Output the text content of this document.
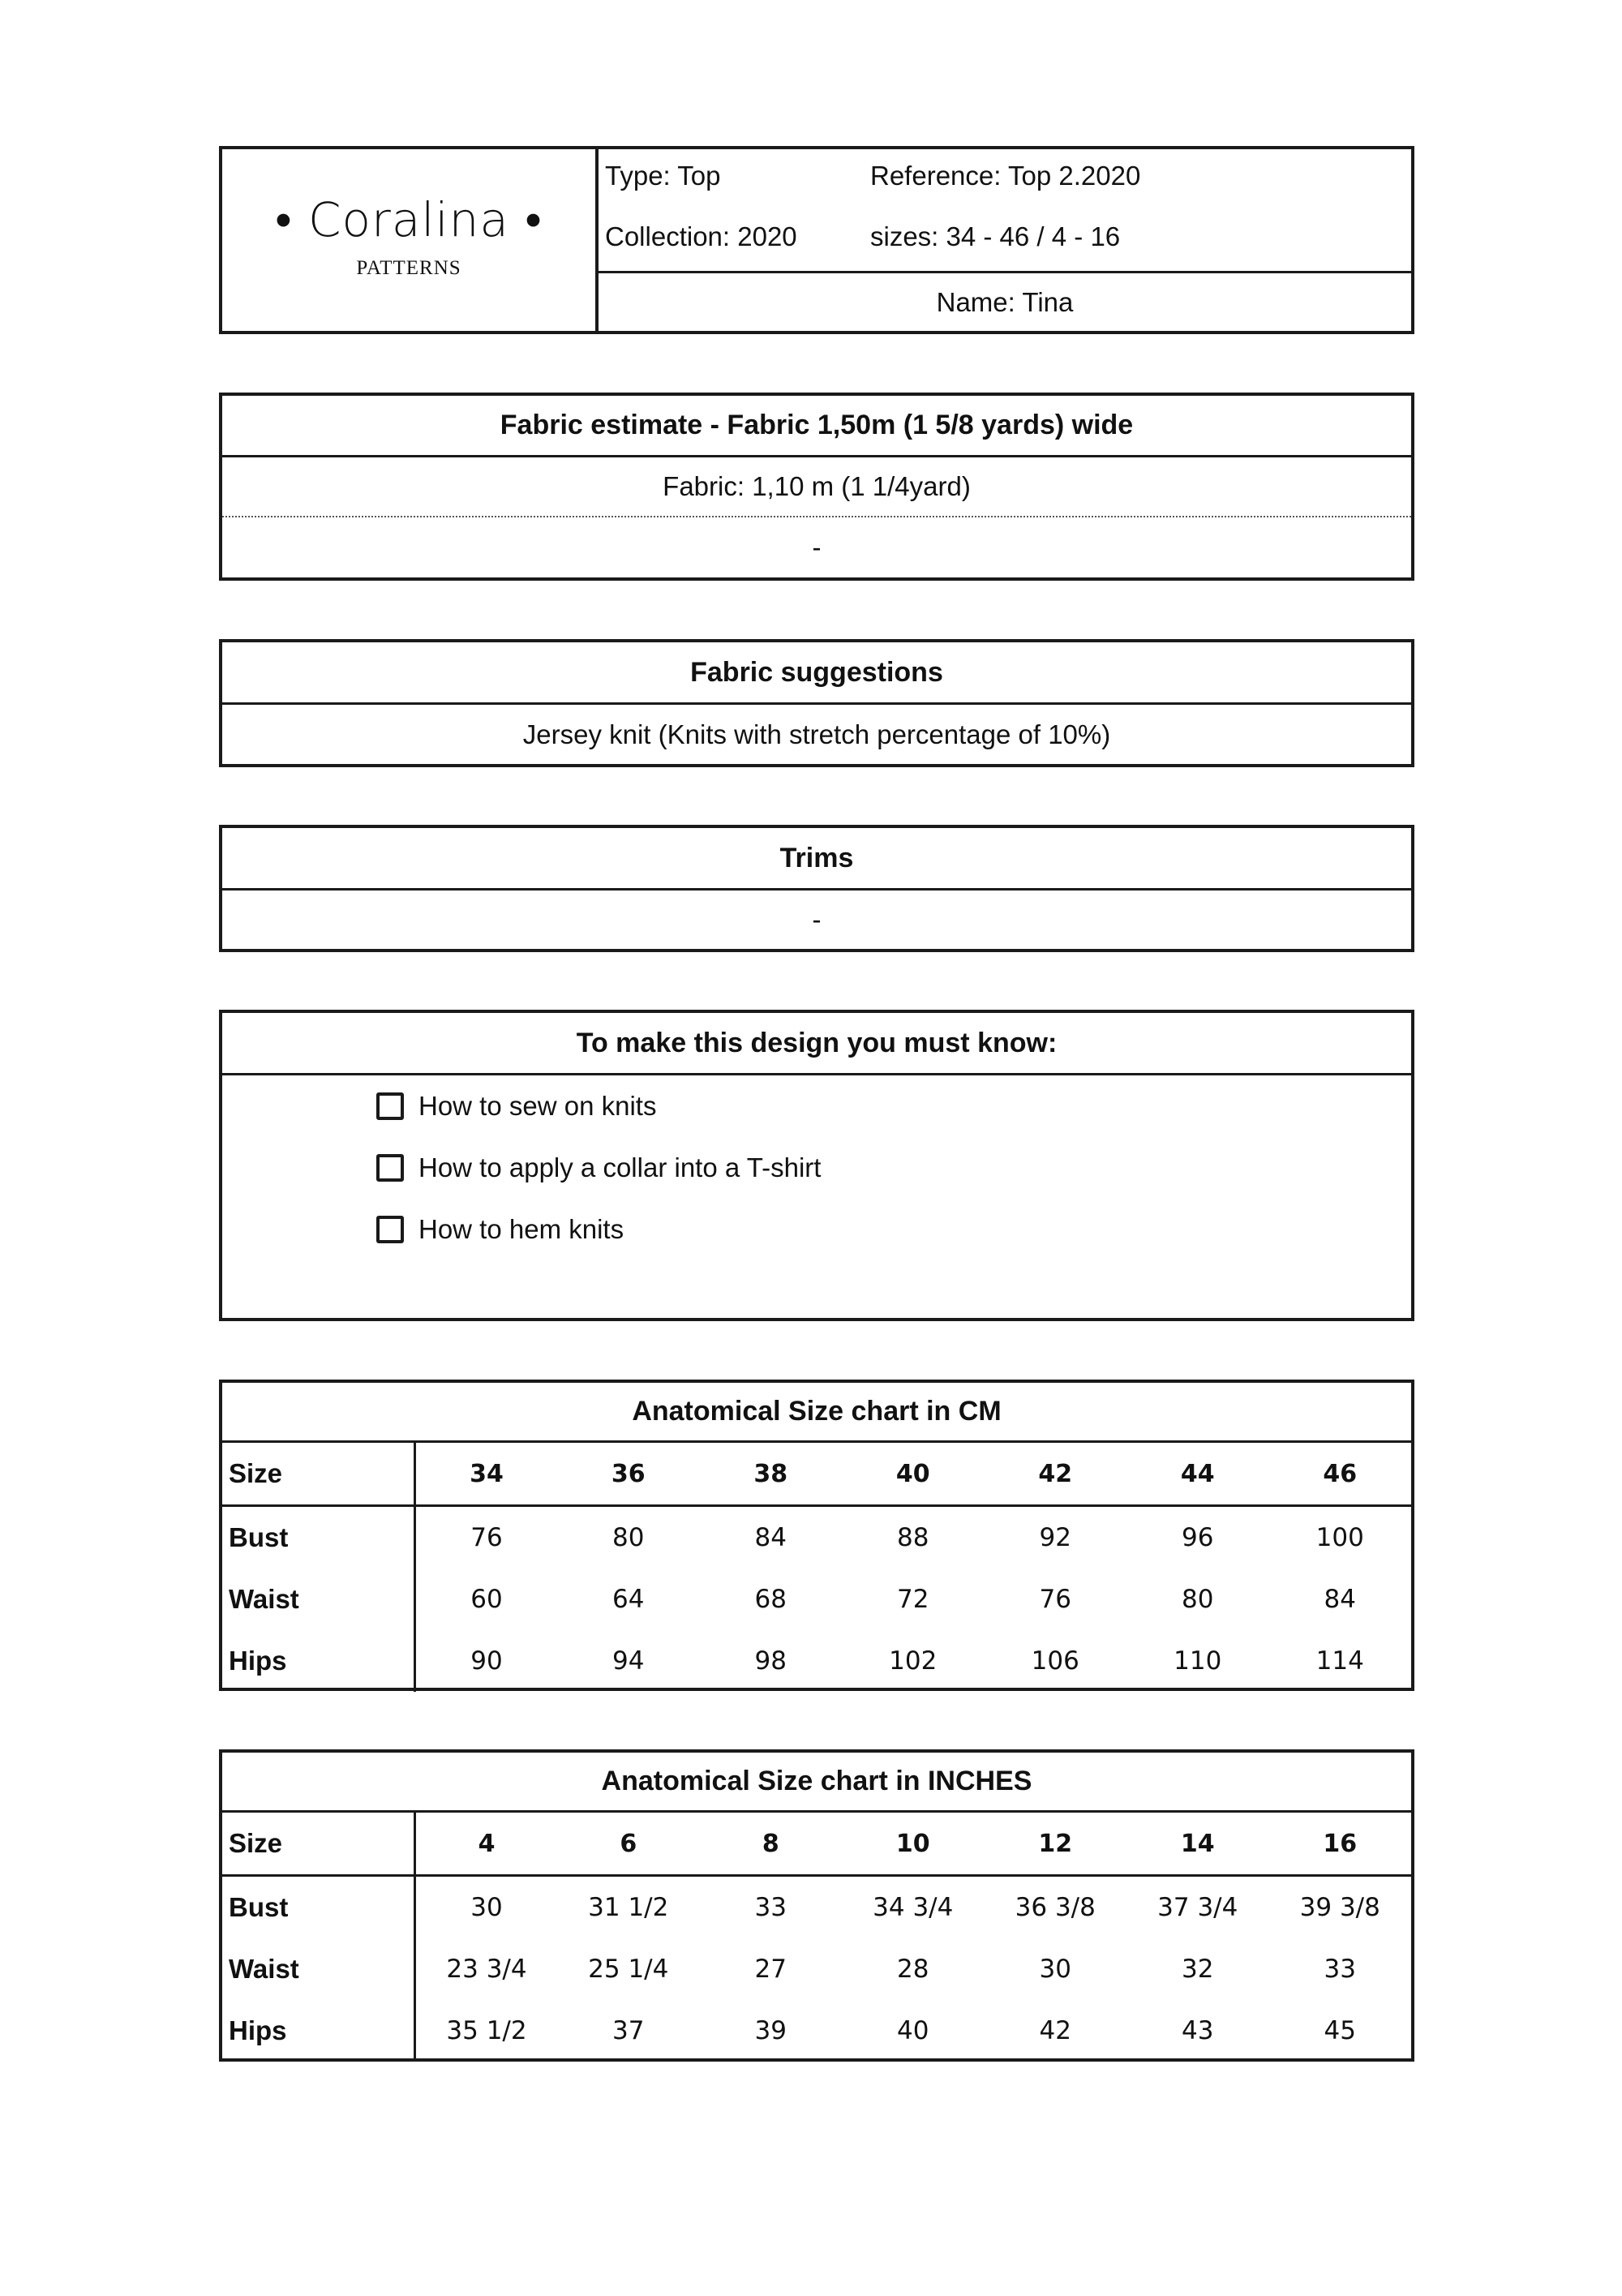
• Coralina •
PATTERNS
Type: Top	Reference: Top 2.2020
Collection: 2020	sizes: 34 - 46 / 4 - 16
Name: Tina
Fabric estimate - Fabric 1,50m (1 5/8 yards) wide
Fabric: 1,10 m (1 1/4yard)
-
Fabric suggestions
Jersey knit (Knits with stretch percentage of 10%)
Trims
-
To make this design you must know:
How to sew on knits
How to apply a collar into a T-shirt
How to hem knits
Anatomical Size chart in CM
Size	34	36	38	40	42	44	46
Bust	76	80	84	88	92	96	100
Waist	60	64	68	72	76	80	84
Hips	90	94	98	102	106	110	114
Anatomical Size chart in INCHES
Size	4	6	8	10	12	14	16
Bust	30	31 1/2	33	34 3/4	36 3/8	37 3/4	39 3/8
Waist	23 3/4	25 1/4	27	28	30	32	33
Hips	35 1/2	37	39	40	42	43	45
